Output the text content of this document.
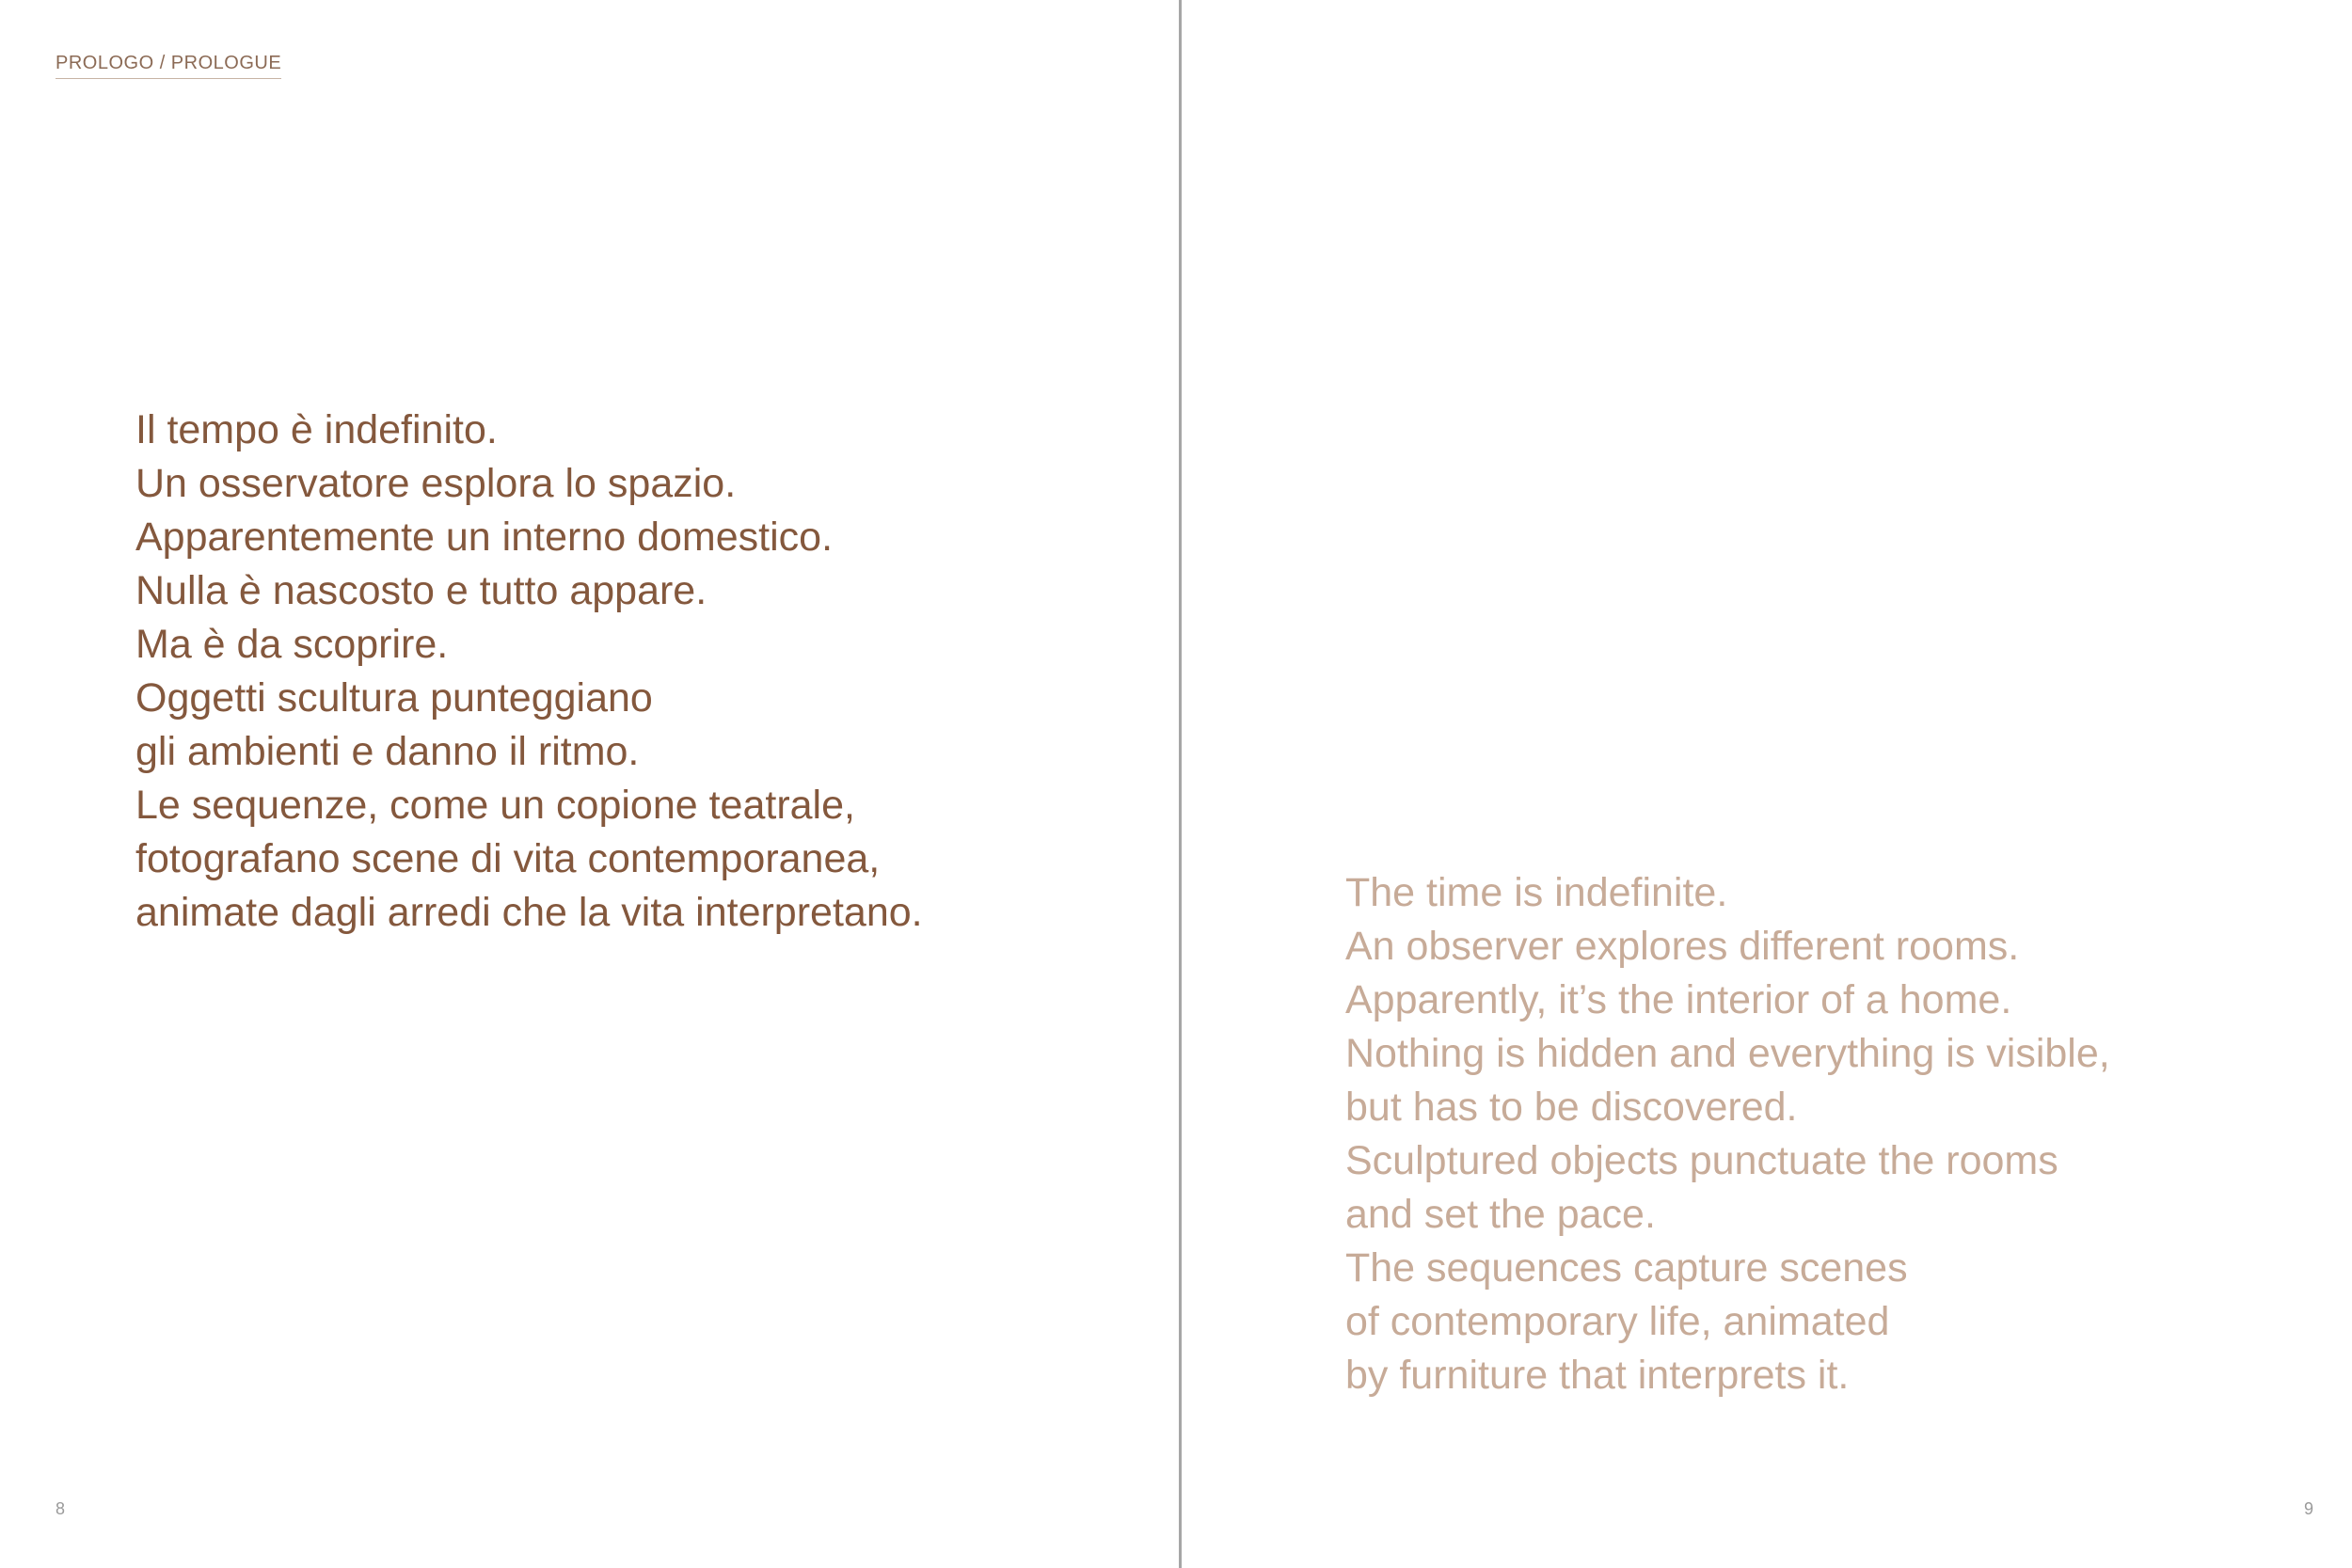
PROLOGO / PROLOGUE
Il tempo è indefinito.
Un osservatore esplora lo spazio.
Apparentemente un interno domestico.
Nulla è nascosto e tutto appare.
Ma è da scoprire.
Oggetti scultura punteggiano
gli ambienti e danno il ritmo.
Le sequenze, come un copione teatrale,
fotografano scene di vita contemporanea,
animate dagli arredi che la vita interpretano.
8
The time is indefinite.
An observer explores different rooms.
Apparently, it’s the interior of a home.
Nothing is hidden and everything is visible,
but has to be discovered.
Sculptured objects punctuate the rooms
and set the pace.
The sequences capture scenes
of contemporary life, animated
by furniture that interprets it.
9
